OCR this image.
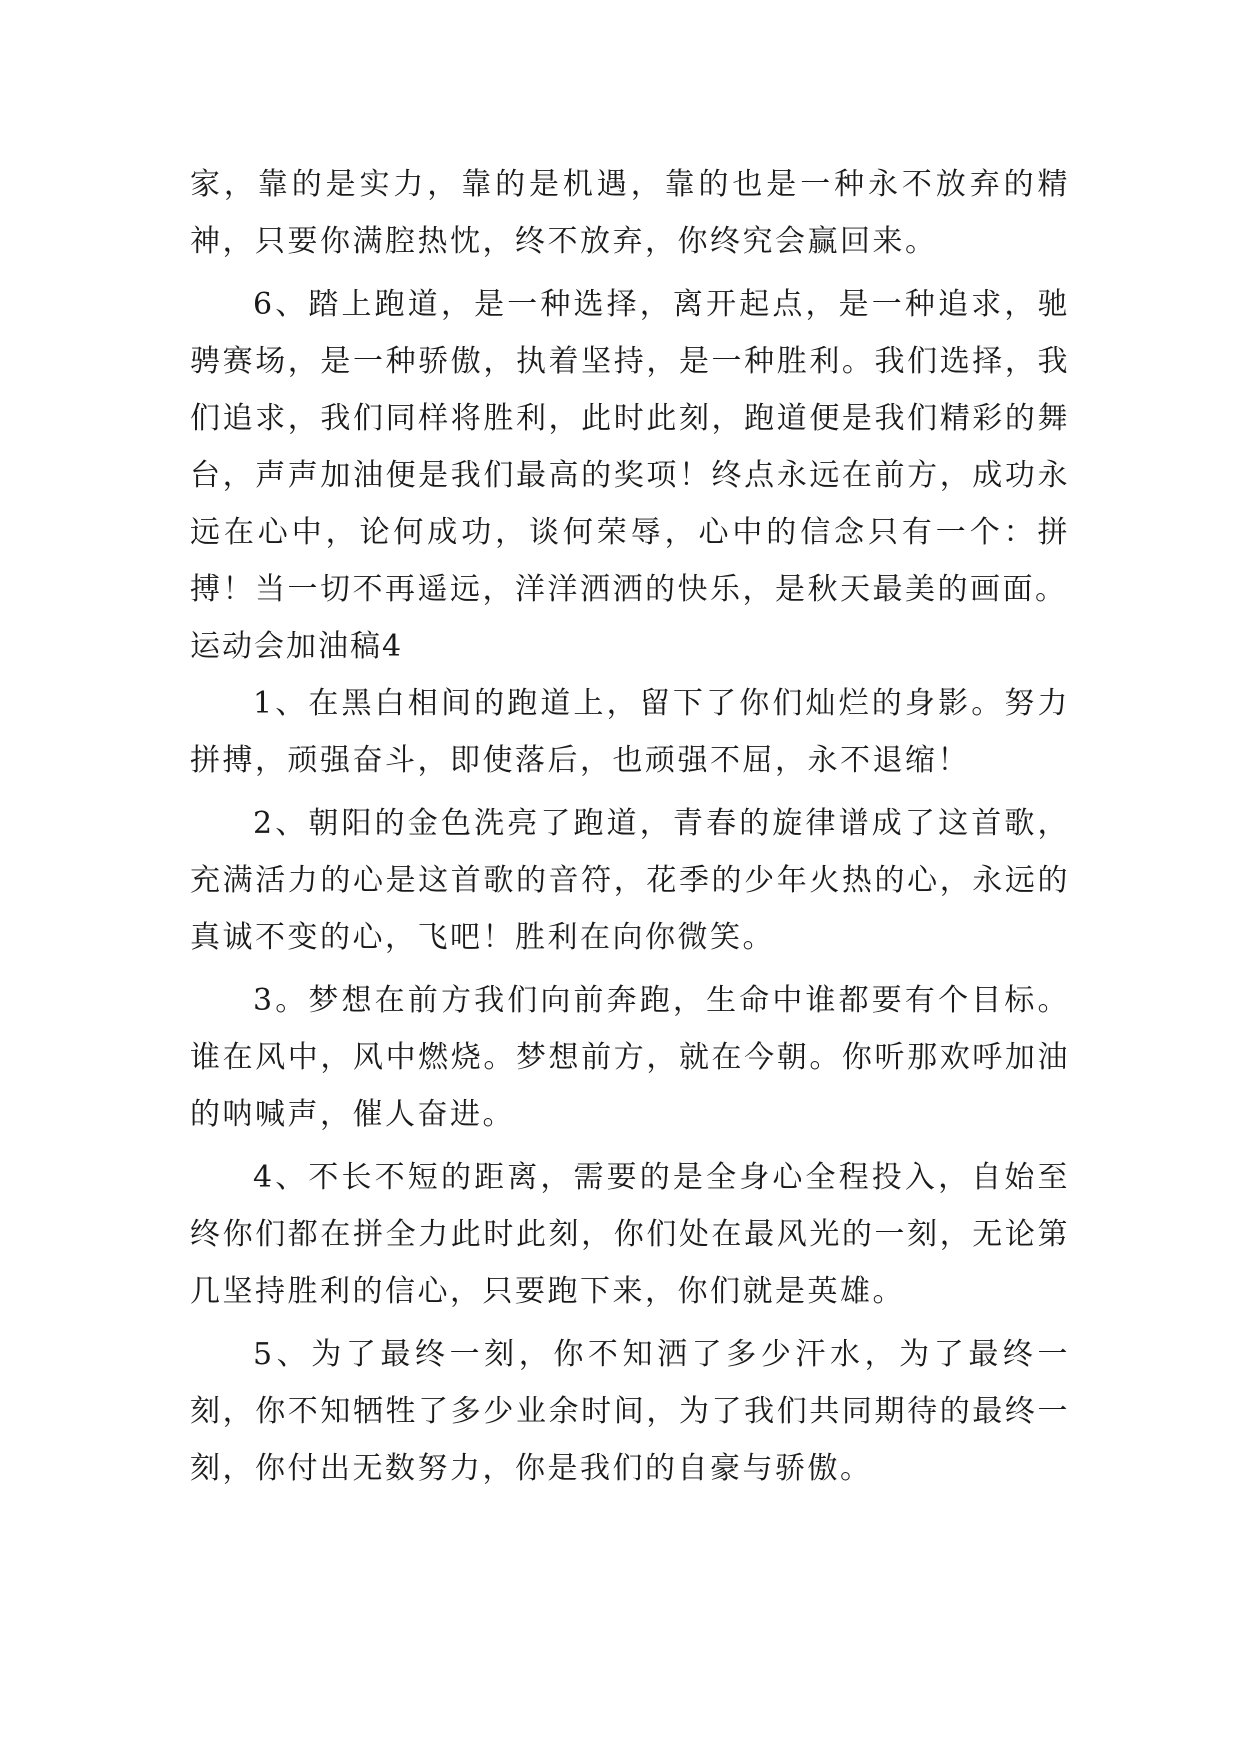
家，靠的是实力，靠的是机遇，靠的也是一种永不放弃的精神，只要你满腔热忱，终不放弃，你终究会赢回来。

6、踏上跑道，是一种选择，离开起点，是一种追求，驰骋赛场，是一种骄傲，执着坚持，是一种胜利。我们选择，我们追求，我们同样将胜利，此时此刻，跑道便是我们精彩的舞台，声声加油便是我们最高的奖项！终点永远在前方，成功永远在心中，论何成功，谈何荣辱，心中的信念只有一个：拼搏！当一切不再遥远，洋洋洒洒的快乐，是秋天最美的画面。

运动会加油稿4

1、在黑白相间的跑道上，留下了你们灿烂的身影。努力拼搏，顽强奋斗，即使落后，也顽强不屈，永不退缩！

2、朝阳的金色洗亮了跑道，青春的旋律谱成了这首歌，充满活力的心是这首歌的音符，花季的少年火热的心，永远的真诚不变的心，飞吧！胜利在向你微笑。

3。梦想在前方我们向前奔跑，生命中谁都要有个目标。谁在风中，风中燃烧。梦想前方，就在今朝。你听那欢呼加油的呐喊声，催人奋进。

4、不长不短的距离，需要的是全身心全程投入，自始至终你们都在拼全力此时此刻，你们处在最风光的一刻，无论第几坚持胜利的信心，只要跑下来，你们就是英雄。

5、为了最终一刻，你不知洒了多少汗水，为了最终一刻，你不知牺牲了多少业余时间，为了我们共同期待的最终一刻，你付出无数努力，你是我们的自豪与骄傲。
